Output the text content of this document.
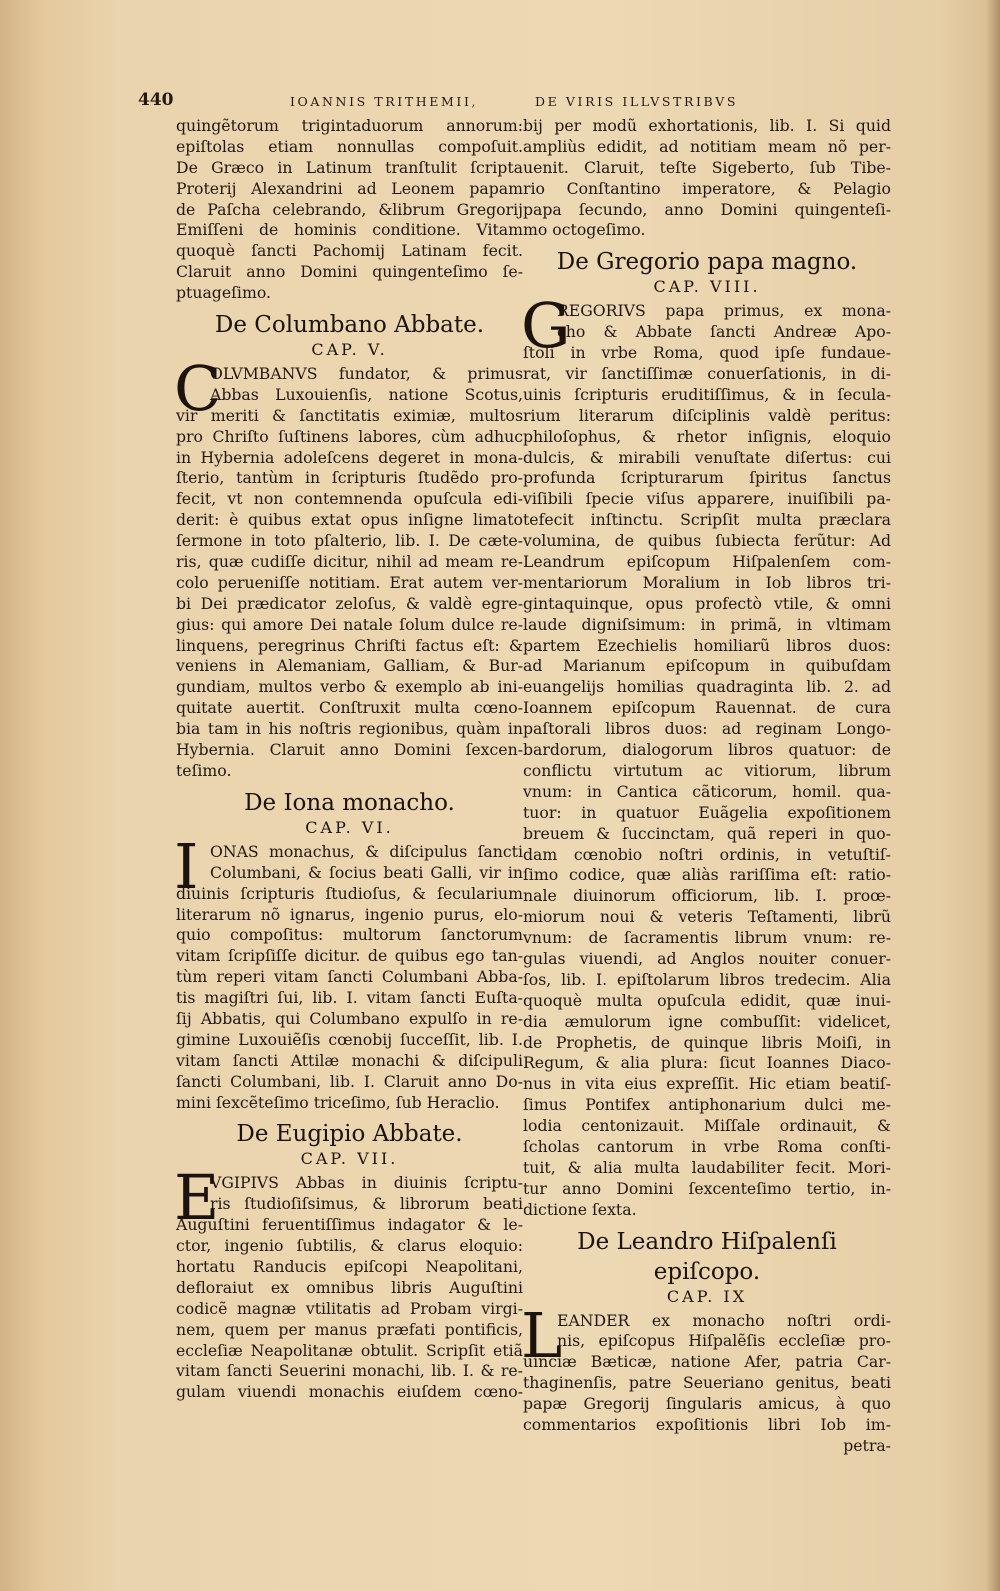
440	IOANNIS TRITHEMII,	DE VIRIS ILLVSTRIBVS
quingẽtorum trigintaduorum annorum:
epiſtolas etiam nonnullas compoſuit.
De Græco in Latinum tranſtulit ſcripta
Proterij Alexandrini ad Leonem papam
de Paſcha celebrando, &librum Gregorij
Emiſſeni de hominis conditione. Vitam
quoquè ſancti Pachomij Latinam fecit.
Claruit anno Domini quingenteſimo ſe-
ptuageſimo.
De Columbano Abbate.
CAP. V.
C
OLVMBANVS fundator, & primus
Abbas Luxouienſis, natione Scotus,
vir meriti & ſanctitatis eximiæ, multos
pro Chriſto ſuſtinens labores, cùm adhuc
in Hybernia adoleſcens degeret in mona-
ſterio, tantùm in ſcripturis ſtudẽdo pro-
fecit, vt non contemnenda opuſcula edi-
derit: è quibus extat opus inſigne limato
ſermone in toto pſalterio, lib. I. De cæte-
ris, quæ cudiſſe dicitur, nihil ad meam re-
colo perueniſſe notitiam. Erat autem ver-
bi Dei prædicator zeloſus, & valdè egre-
gius: qui amore Dei natale ſolum dulce re-
linquens, peregrinus Chriſti factus eſt: &
veniens in Alemaniam, Galliam, & Bur-
gundiam, multos verbo & exemplo ab ini-
quitate auertit. Conſtruxit multa cœno-
bia tam in his noſtris regionibus, quàm in
Hybernia. Claruit anno Domini ſexcen-
teſimo.
De Iona monacho.
CAP. VI.
I ONAS monachus, & diſcipulus ſancti
Columbani, & ſocius beati Galli, vir in
diuinis ſcripturis ſtudioſus, & ſecularium
literarum nõ ignarus, ingenio purus, elo-
quio compoſitus: multorum ſanctorum
vitam ſcripſiſſe dicitur. de quibus ego tan-
tùm reperi vitam ſancti Columbani Abba-
tis magiſtri ſui, lib. I. vitam ſancti Euſta-
ſij Abbatis, qui Columbano expulſo in re-
gimine Luxouiẽſis cœnobij ſucceſſit, lib. I.
vitam ſancti Attilæ monachi & diſcipuli
ſancti Columbani, lib. I. Claruit anno Do-
mini ſexcẽteſimo triceſimo, ſub Heraclio.
De Eugipio Abbate.
CAP. VII.
E
VGIPIVS Abbas in diuinis ſcriptu-
ris ſtudioſiſsimus, & librorum beati
Auguſtini feruentiſſimus indagator & le-
ctor, ingenio ſubtilis, & clarus eloquio:
hortatu Randucis epiſcopi Neapolitani,
defloraiut ex omnibus libris Auguſtini
codicẽ magnæ vtilitatis ad Probam virgi-
nem, quem per manus præfati pontificis,
eccleſiæ Neapolitanæ obtulit. Scripſit etiã
vitam ſancti Seuerini monachi, lib. I. & re-
gulam viuendi monachis eiuſdem cœno-
bij per modũ exhortationis, lib. I. Si quid
ampliùs edidit, ad notitiam meam nõ per-
uenit. Claruit, teſte Sigeberto, ſub Tibe-
rio Conſtantino imperatore, & Pelagio
papa ſecundo, anno Domini quingenteſi-
mo octogeſimo.
De Gregorio papa magno.
CAP. VIII.
G
REGORIVS papa primus, ex mona-
cho & Abbate ſancti Andreæ Apo-
ſtoli in vrbe Roma, quod ipſe fundaue-
rat, vir ſanctiſſimæ conuerſationis, in di-
uinis ſcripturis eruditiſſimus, & in ſecula-
rium literarum diſciplinis valdè peritus:
philoſophus, & rhetor inſignis, eloquio
dulcis, & mirabili venuſtate diſertus: cui
profunda ſcripturarum ſpiritus ſanctus
viſibili ſpecie viſus apparere, inuiſibili pa-
tefecit inſtinctu. Scripſit multa præclara
volumina, de quibus ſubiecta ferũtur: Ad
Leandrum epiſcopum Hiſpalenſem com-
mentariorum Moralium in Iob libros tri-
gintaquinque, opus profectò vtile, & omni
laude digniſsimum: in primã, in vltimam
partem Ezechielis homiliarũ libros duos:
ad Marianum epiſcopum in quibuſdam
euangelijs homilias quadraginta lib. 2. ad
Ioannem epiſcopum Rauennat. de cura
paſtorali libros duos: ad reginam Longo-
bardorum, dialogorum libros quatuor: de
conflictu virtutum ac vitiorum, librum
vnum: in Cantica cãticorum, homil. qua-
tuor: in quatuor Euãgelia expoſitionem
breuem & ſuccinctam, quã reperi in quo-
dam cœnobio noſtri ordinis, in vetuſtiſ-
ſimo codice, quæ aliàs rariſſima eſt: ratio-
nale diuinorum officiorum, lib. I. proœ-
miorum noui & veteris Teſtamenti, librũ
vnum: de ſacramentis librum vnum: re-
gulas viuendi, ad Anglos nouiter conuer-
ſos, lib. I. epiſtolarum libros tredecim. Alia
quoquè multa opuſcula edidit, quæ inui-
dia æmulorum igne combuſſit: videlicet,
de Prophetis, de quinque libris Moiſi, in
Regum, & alia plura: ſicut Ioannes Diaco-
nus in vita eius expreſſit. Hic etiam beatiſ-
ſimus Pontifex antiphonarium dulci me-
lodia centonizauit. Miſſale ordinauit, &
ſcholas cantorum in vrbe Roma conſti-
tuit, & alia multa laudabiliter fecit. Mori-
tur anno Domini ſexcenteſimo tertio, in-
dictione ſexta.
De Leandro Hiſpalenſi epiſcopo.
CAP. IX
L
EANDER ex monacho noſtri ordi-
nis, epiſcopus Hiſpalẽſis eccleſiæ pro-
uinciæ Bæticæ, natione Afer, patria Car-
thaginenſis, patre Seueriano genitus, beati
papæ Gregorij ſingularis amicus, à quo
commentarios expoſitionis libri Iob im-
petra-
